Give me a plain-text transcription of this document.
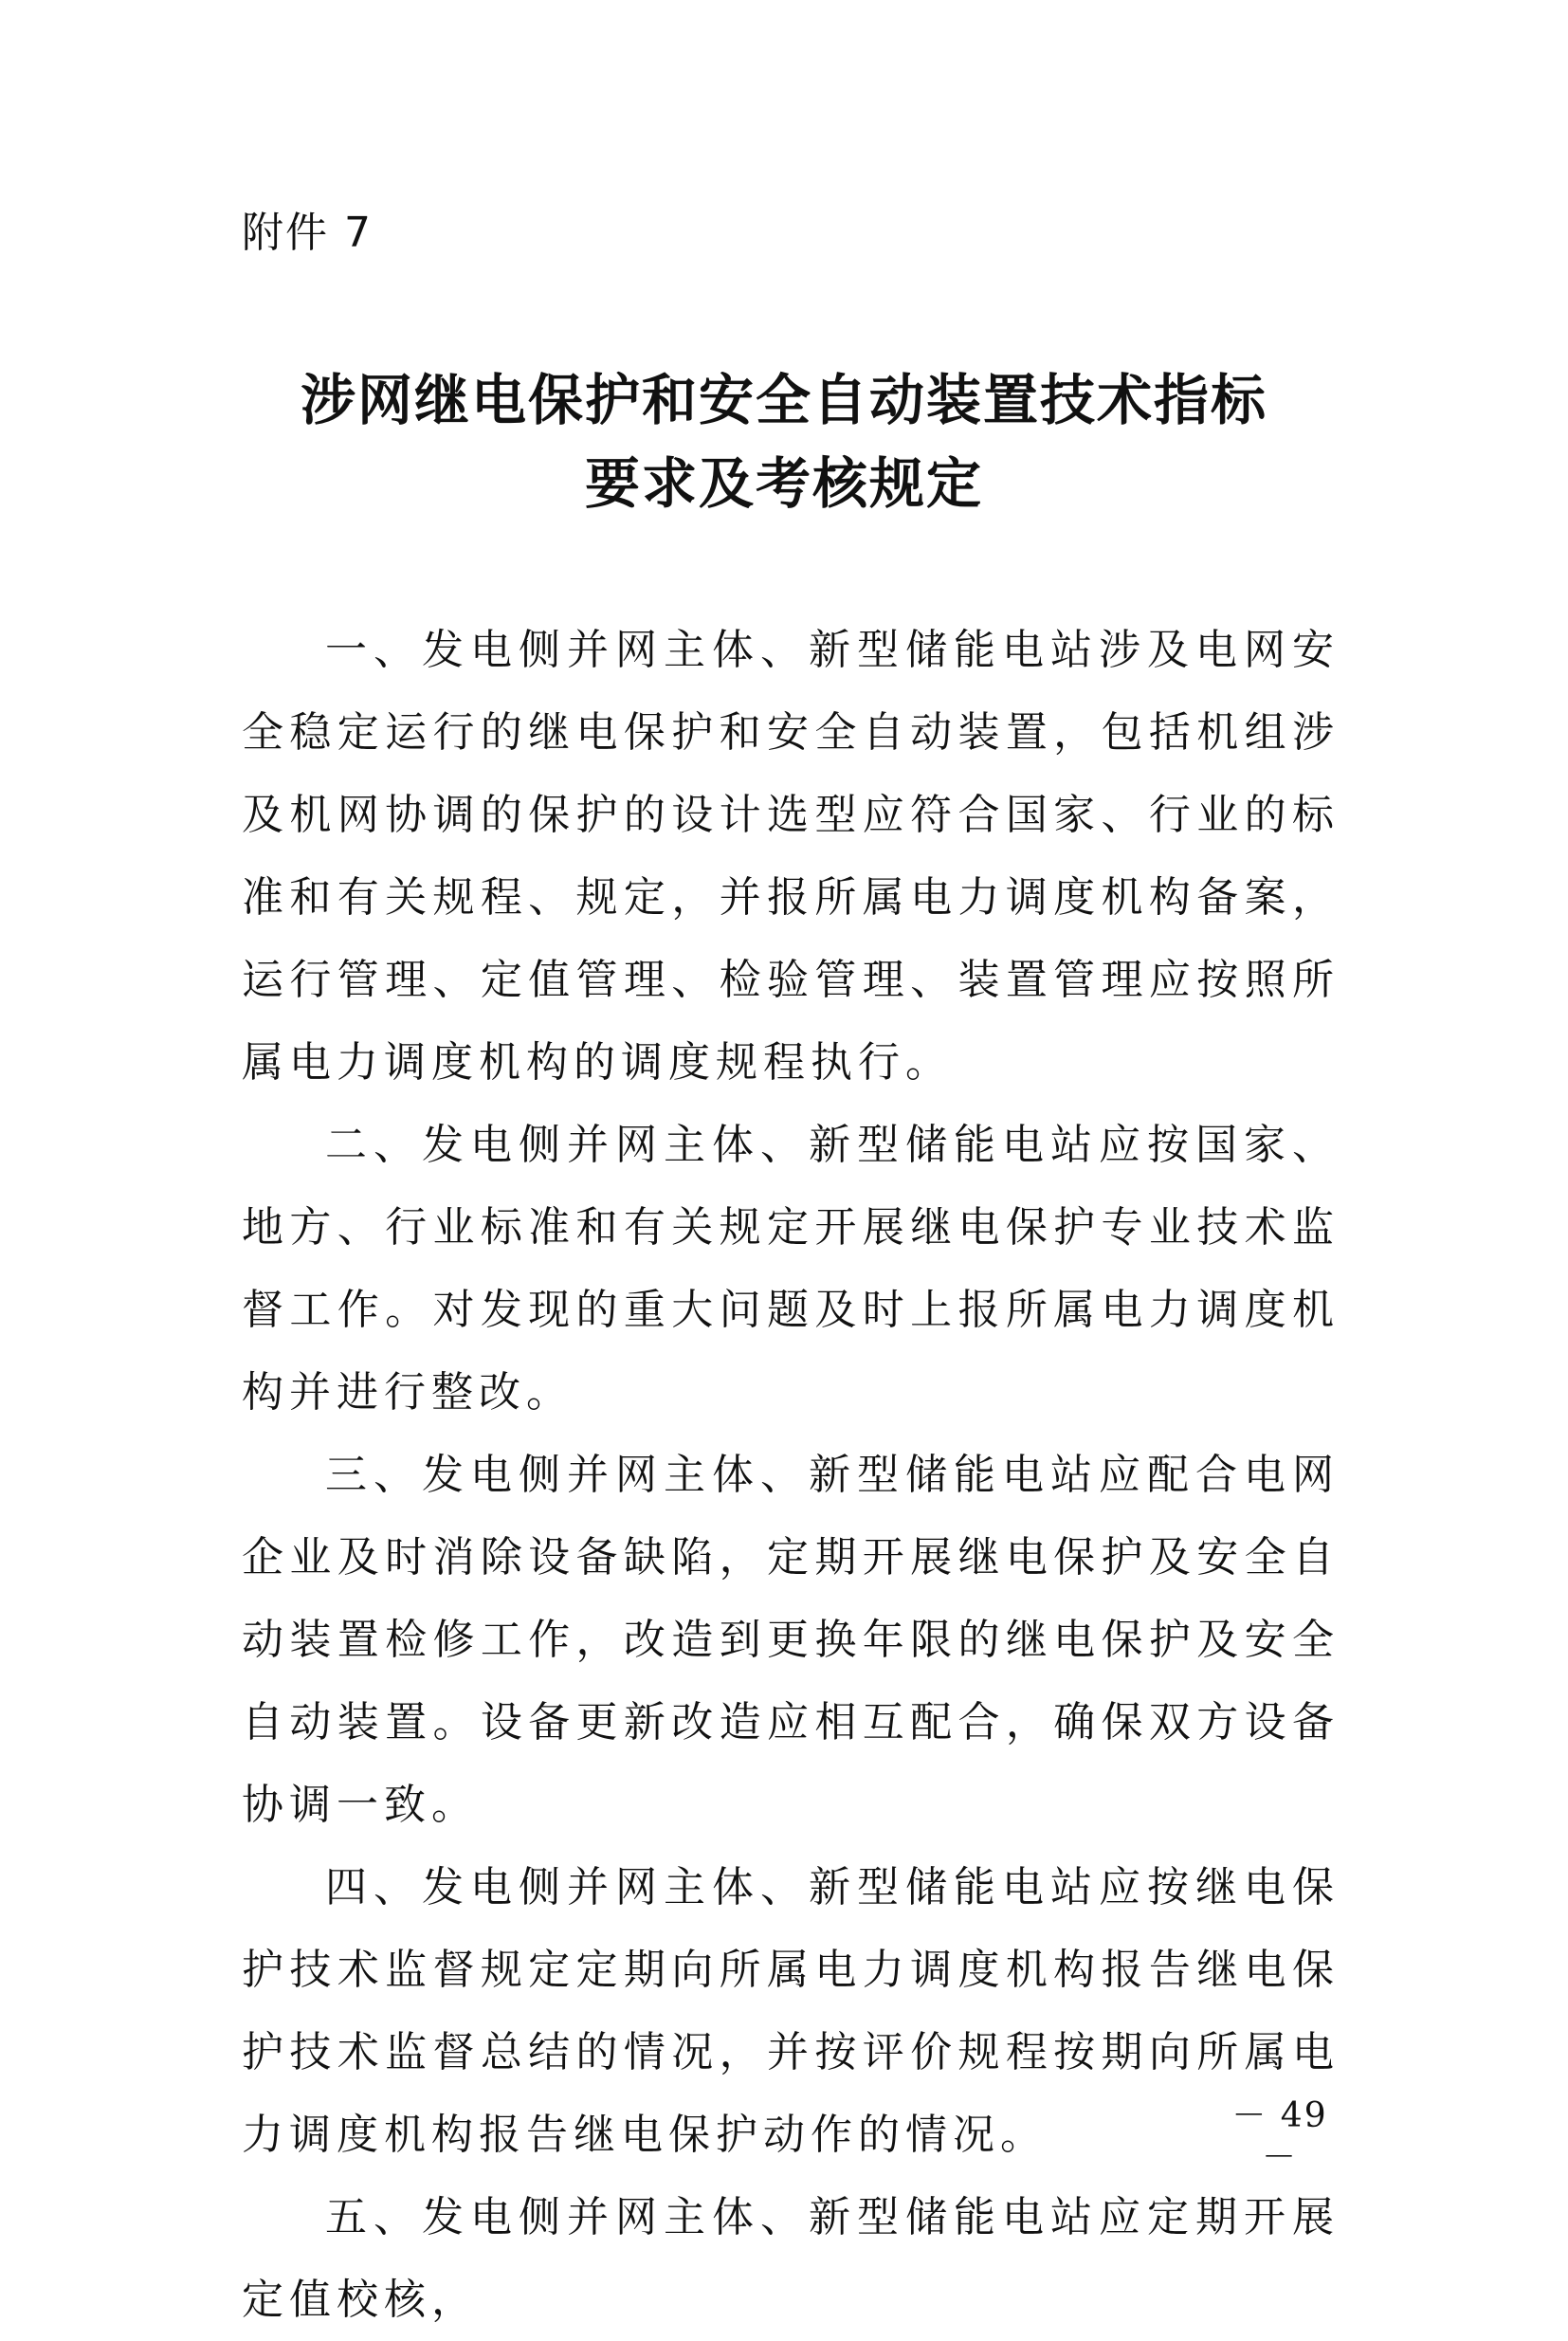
附件 7
涉网继电保护和安全自动装置技术指标
要求及考核规定

一、发电侧并网主体、新型储能电站涉及电网安全稳定运行的继电保护和安全自动装置，包括机组涉及机网协调的保护的设计选型应符合国家、行业的标准和有关规程、规定，并报所属电力调度机构备案，运行管理、定值管理、检验管理、装置管理应按照所属电力调度机构的调度规程执行。

二、发电侧并网主体、新型储能电站应按国家、地方、行业标准和有关规定开展继电保护专业技术监督工作。对发现的重大问题及时上报所属电力调度机构并进行整改。

三、发电侧并网主体、新型储能电站应配合电网企业及时消除设备缺陷，定期开展继电保护及安全自动装置检修工作，改造到更换年限的继电保护及安全自动装置。设备更新改造应相互配合，确保双方设备协调一致。

四、发电侧并网主体、新型储能电站应按继电保护技术监督规定定期向所属电力调度机构报告继电保护技术监督总结的情况，并按评价规程按期向所属电力调度机构报告继电保护动作的情况。

五、发电侧并网主体、新型储能电站应定期开展定值校核，

－ 49 －
